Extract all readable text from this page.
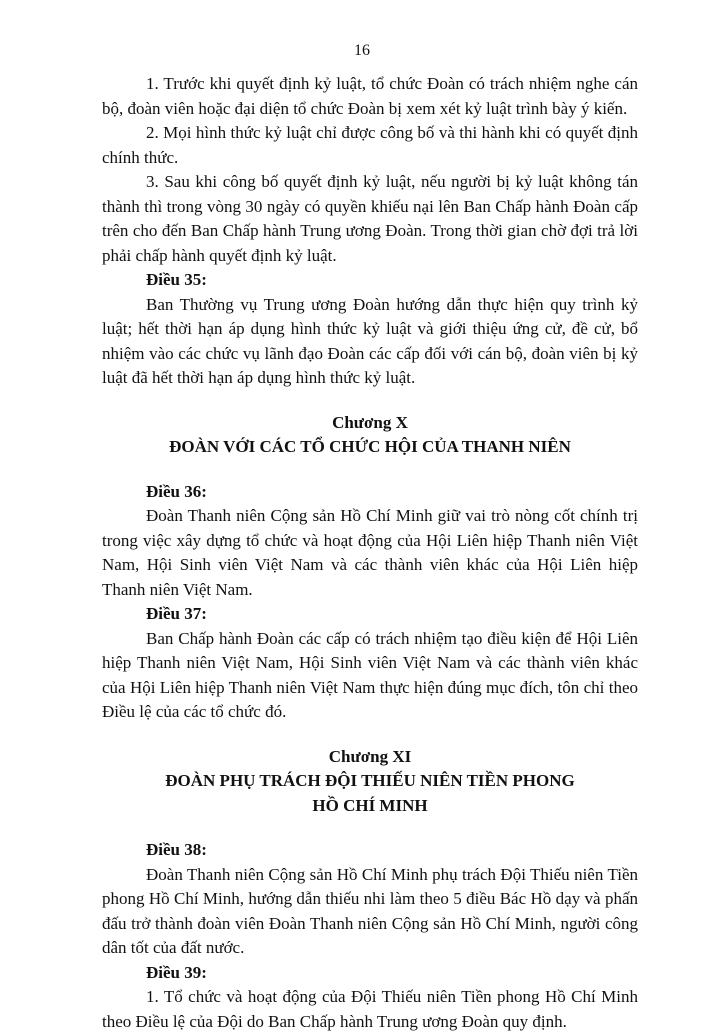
16

1. Trước khi quyết định kỷ luật, tổ chức Đoàn có trách nhiệm nghe cán bộ, đoàn viên hoặc đại diện tổ chức Đoàn bị xem xét kỷ luật trình bày ý kiến.

2. Mọi hình thức kỷ luật chỉ được công bố và thi hành khi có quyết định chính thức.

3. Sau khi công bố quyết định kỷ luật, nếu người bị kỷ luật không tán thành thì trong vòng 30 ngày có quyền khiếu nại lên Ban Chấp hành Đoàn cấp trên cho đến Ban Chấp hành Trung ương Đoàn. Trong thời gian chờ đợi trả lời phải chấp hành quyết định kỷ luật.

Điều 35:

Ban Thường vụ Trung ương Đoàn hướng dẫn thực hiện quy trình kỷ luật; hết thời hạn áp dụng hình thức kỷ luật và giới thiệu ứng cử, đề cử, bổ nhiệm vào các chức vụ lãnh đạo Đoàn các cấp đối với cán bộ, đoàn viên bị kỷ luật đã hết thời hạn áp dụng hình thức kỷ luật.

Chương X

ĐOÀN VỚI CÁC TỔ CHỨC HỘI CỦA THANH NIÊN

Điều 36:

Đoàn Thanh niên Cộng sản Hồ Chí Minh giữ vai trò nòng cốt chính trị trong việc xây dựng tổ chức và hoạt động của Hội Liên hiệp Thanh niên Việt Nam, Hội Sinh viên Việt Nam và các thành viên khác của Hội Liên hiệp Thanh niên Việt Nam.

Điều 37:

Ban Chấp hành Đoàn các cấp có trách nhiệm tạo điều kiện để Hội Liên hiệp Thanh niên Việt Nam, Hội Sinh viên Việt Nam và các thành viên khác của Hội Liên hiệp Thanh niên Việt Nam thực hiện đúng mục đích, tôn chỉ theo Điều lệ của các tổ chức đó.

Chương XI

ĐOÀN PHỤ TRÁCH ĐỘI THIẾU NIÊN TIỀN PHONG

HỒ CHÍ MINH

Điều 38:

Đoàn Thanh niên Cộng sản Hồ Chí Minh phụ trách Đội Thiếu niên Tiền phong Hồ Chí Minh, hướng dẫn thiếu nhi làm theo 5 điều Bác Hồ dạy và phấn đấu trở thành đoàn viên Đoàn Thanh niên Cộng sản Hồ Chí Minh, người công dân tốt của đất nước.

Điều 39:

1. Tổ chức và hoạt động của Đội Thiếu niên Tiền phong Hồ Chí Minh theo Điều lệ của Đội do Ban Chấp hành Trung ương Đoàn quy định.
